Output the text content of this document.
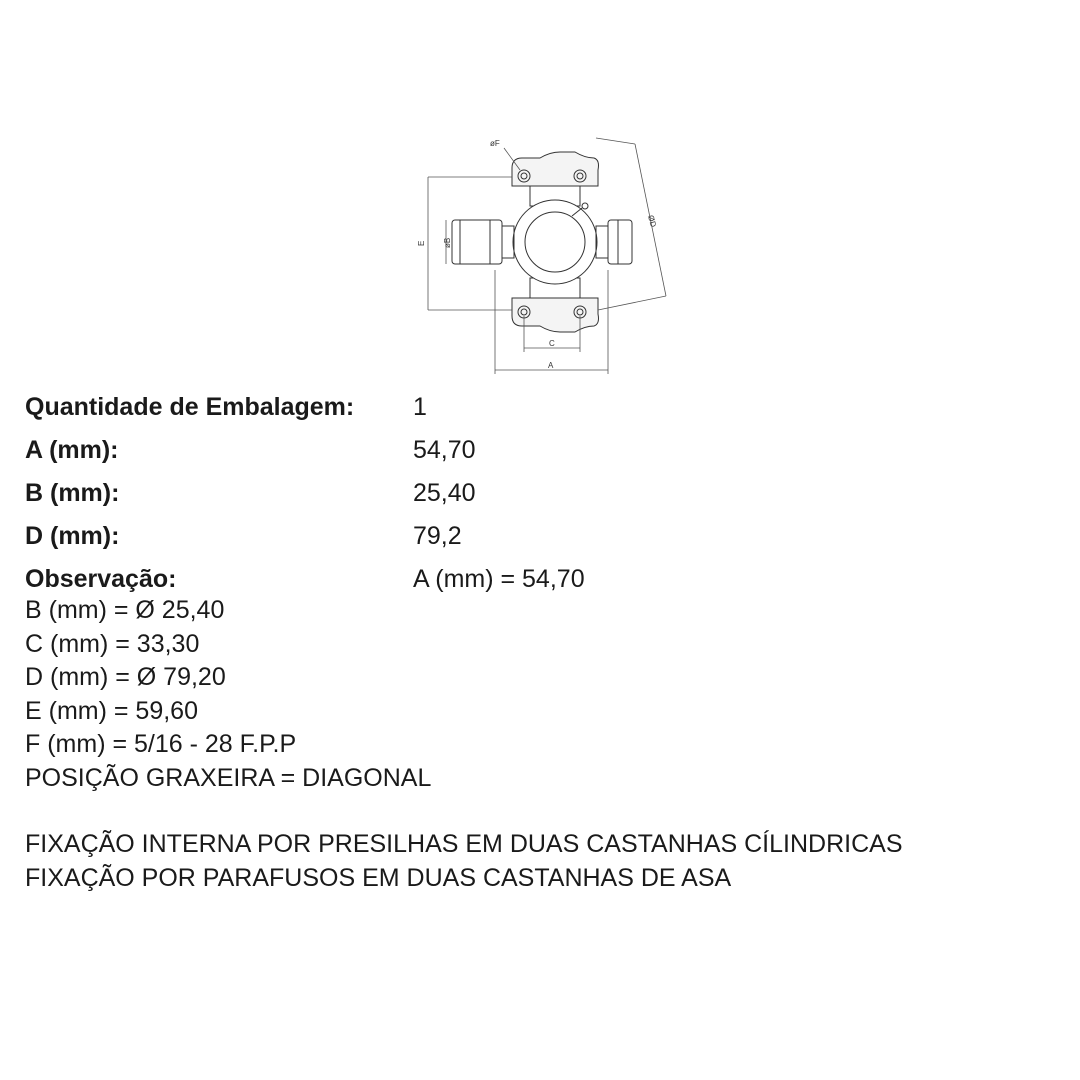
øF
ØD
E øB
C
A
Quantidade de Embalagem: 1
A (mm):	54,70
B (mm):	25,40
D (mm):	79,2
Observação:	A (mm) = 54,70
B (mm) = Ø 25,40
C (mm) = 33,30
D (mm) = Ø 79,20
E (mm) = 59,60
F (mm) = 5/16 - 28 F.P.P
POSIÇÃO GRAXEIRA = DIAGONAL
FIXAÇÃO INTERNA POR PRESILHAS EM DUAS CASTANHAS CÍLINDRICAS
FIXAÇÃO POR PARAFUSOS EM DUAS CASTANHAS DE ASA
